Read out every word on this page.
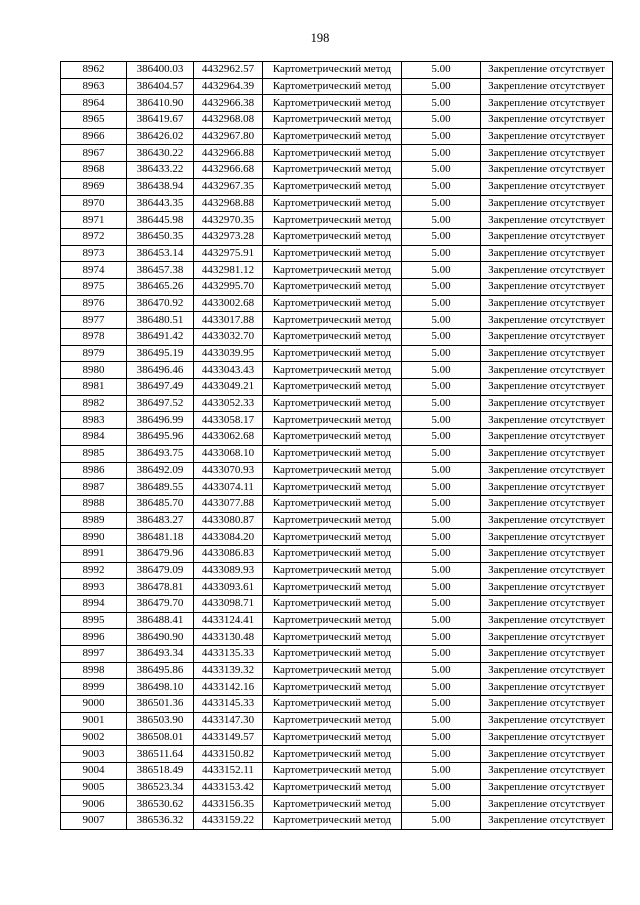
198
8962	386400.03	4432962.57	Картометрический метод	5.00	Закрепление отсутствует
8963	386404.57	4432964.39	Картометрический метод	5.00	Закрепление отсутствует
8964	386410.90	4432966.38	Картометрический метод	5.00	Закрепление отсутствует
8965	386419.67	4432968.08	Картометрический метод	5.00	Закрепление отсутствует
8966	386426.02	4432967.80	Картометрический метод	5.00	Закрепление отсутствует
8967	386430.22	4432966.88	Картометрический метод	5.00	Закрепление отсутствует
8968	386433.22	4432966.68	Картометрический метод	5.00	Закрепление отсутствует
8969	386438.94	4432967.35	Картометрический метод	5.00	Закрепление отсутствует
8970	386443.35	4432968.88	Картометрический метод	5.00	Закрепление отсутствует
8971	386445.98	4432970.35	Картометрический метод	5.00	Закрепление отсутствует
8972	386450.35	4432973.28	Картометрический метод	5.00	Закрепление отсутствует
8973	386453.14	4432975.91	Картометрический метод	5.00	Закрепление отсутствует
8974	386457.38	4432981.12	Картометрический метод	5.00	Закрепление отсутствует
8975	386465.26	4432995.70	Картометрический метод	5.00	Закрепление отсутствует
8976	386470.92	4433002.68	Картометрический метод	5.00	Закрепление отсутствует
8977	386480.51	4433017.88	Картометрический метод	5.00	Закрепление отсутствует
8978	386491.42	4433032.70	Картометрический метод	5.00	Закрепление отсутствует
8979	386495.19	4433039.95	Картометрический метод	5.00	Закрепление отсутствует
8980	386496.46	4433043.43	Картометрический метод	5.00	Закрепление отсутствует
8981	386497.49	4433049.21	Картометрический метод	5.00	Закрепление отсутствует
8982	386497.52	4433052.33	Картометрический метод	5.00	Закрепление отсутствует
8983	386496.99	4433058.17	Картометрический метод	5.00	Закрепление отсутствует
8984	386495.96	4433062.68	Картометрический метод	5.00	Закрепление отсутствует
8985	386493.75	4433068.10	Картометрический метод	5.00	Закрепление отсутствует
8986	386492.09	4433070.93	Картометрический метод	5.00	Закрепление отсутствует
8987	386489.55	4433074.11	Картометрический метод	5.00	Закрепление отсутствует
8988	386485.70	4433077.88	Картометрический метод	5.00	Закрепление отсутствует
8989	386483.27	4433080.87	Картометрический метод	5.00	Закрепление отсутствует
8990	386481.18	4433084.20	Картометрический метод	5.00	Закрепление отсутствует
8991	386479.96	4433086.83	Картометрический метод	5.00	Закрепление отсутствует
8992	386479.09	4433089.93	Картометрический метод	5.00	Закрепление отсутствует
8993	386478.81	4433093.61	Картометрический метод	5.00	Закрепление отсутствует
8994	386479.70	4433098.71	Картометрический метод	5.00	Закрепление отсутствует
8995	386488.41	4433124.41	Картометрический метод	5.00	Закрепление отсутствует
8996	386490.90	4433130.48	Картометрический метод	5.00	Закрепление отсутствует
8997	386493.34	4433135.33	Картометрический метод	5.00	Закрепление отсутствует
8998	386495.86	4433139.32	Картометрический метод	5.00	Закрепление отсутствует
8999	386498.10	4433142.16	Картометрический метод	5.00	Закрепление отсутствует
9000	386501.36	4433145.33	Картометрический метод	5.00	Закрепление отсутствует
9001	386503.90	4433147.30	Картометрический метод	5.00	Закрепление отсутствует
9002	386508.01	4433149.57	Картометрический метод	5.00	Закрепление отсутствует
9003	386511.64	4433150.82	Картометрический метод	5.00	Закрепление отсутствует
9004	386518.49	4433152.11	Картометрический метод	5.00	Закрепление отсутствует
9005	386523.34	4433153.42	Картометрический метод	5.00	Закрепление отсутствует
9006	386530.62	4433156.35	Картометрический метод	5.00	Закрепление отсутствует
9007	386536.32	4433159.22	Картометрический метод	5.00	Закрепление отсутствует
